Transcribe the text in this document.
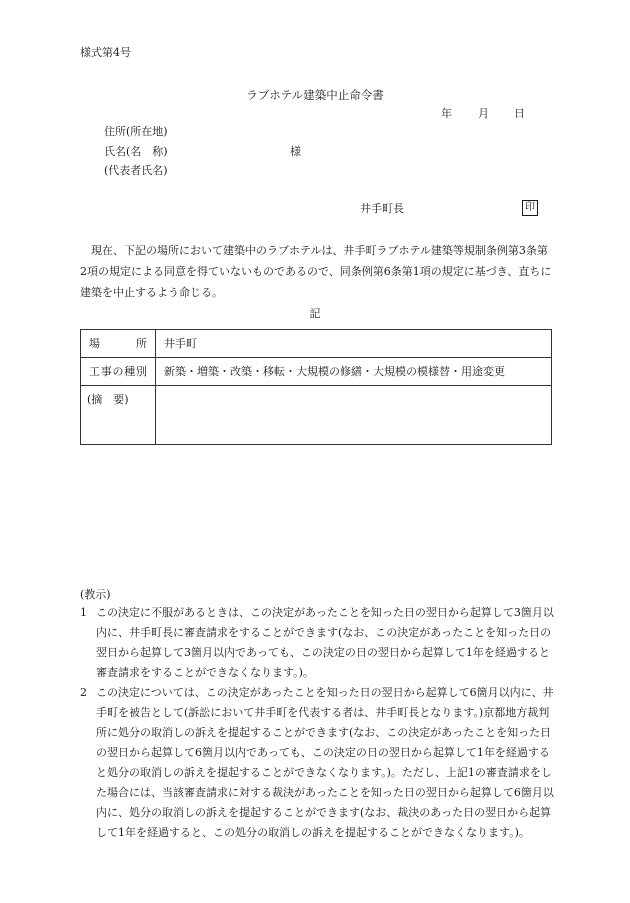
様式第4号
ラブホテル建築中止命令書
年 月 日
住所(所在地)
氏名(名　称)	様
(代表者氏名)
井手町長	印
　現在、下記の場所において建築中のラブホテルは、井手町ラブホテル建築等規制条例第3条第2項の規定による同意を得ていないものであるので、同条例第6条第1項の規定に基づき、直ちに建築を中止するよう命じる。
記
場　　　所	井手町

工事の種別	新築・増築・改築・移転・大規模の修繕・大規模の模様替・用途変更
(摘　要)	
(教示)
1 この決定に不服があるときは、この決定があったことを知った日の翌日から起算して3箇月以内に、井手町長に審査請求をすることができます(なお、この決定があったことを知った日の翌日から起算して3箇月以内であっても、この決定の日の翌日から起算して1年を経過すると審査請求をすることができなくなります。)。
2 この決定については、この決定があったことを知った日の翌日から起算して6箇月以内に、井手町を被告として(訴訟において井手町を代表する者は、井手町長となります。)京都地方裁判所に処分の取消しの訴えを提起することができます(なお、この決定があったことを知った日の翌日から起算して6箇月以内であっても、この決定の日の翌日から起算して1年を経過すると処分の取消しの訴えを提起することができなくなります。)。ただし、上記1の審査請求をした場合には、当該審査請求に対する裁決があったことを知った日の翌日から起算して6箇月以内に、処分の取消しの訴えを提起することができます(なお、裁決のあった日の翌日から起算して1年を経過すると、この処分の取消しの訴えを提起することができなくなります。)。
